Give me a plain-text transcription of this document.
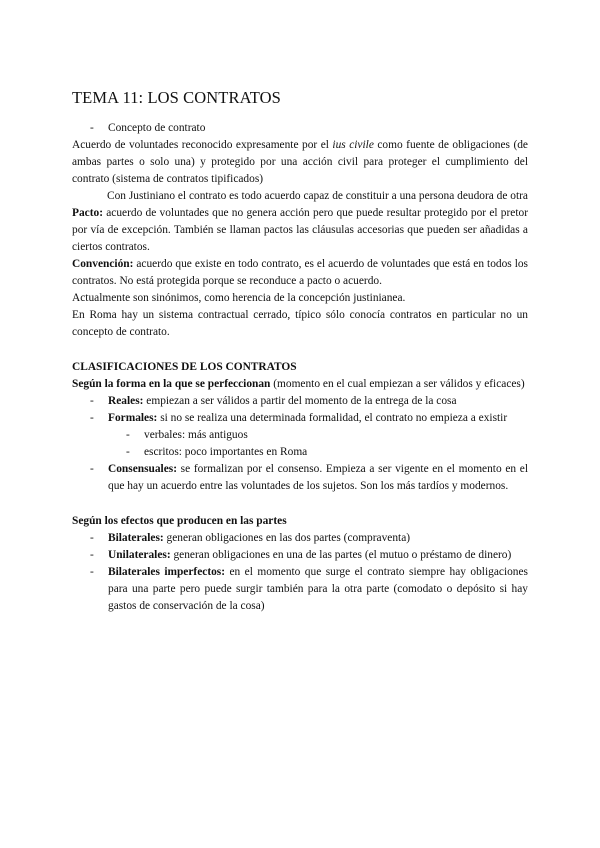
TEMA 11: LOS CONTRATOS
- Concepto de contrato

Acuerdo de voluntades reconocido expresamente por el ius civile como fuente de obligaciones (de ambas partes o solo una) y protegido por una acción civil para proteger el cumplimiento del contrato (sistema de contratos tipificados)

Con Justiniano el contrato es todo acuerdo capaz de constituir a una persona deudora de otra

Pacto: acuerdo de voluntades que no genera acción pero que puede resultar protegido por el pretor por vía de excepción. También se llaman pactos las cláusulas accesorias que pueden ser añadidas a ciertos contratos.

Convención: acuerdo que existe en todo contrato, es el acuerdo de voluntades que está en todos los contratos. No está protegida porque se reconduce a pacto o acuerdo.

Actualmente son sinónimos, como herencia de la concepción justinianea.

En Roma hay un sistema contractual cerrado, típico sólo conocía contratos en particular no un concepto de contrato.

CLASIFICACIONES DE LOS CONTRATOS

Según la forma en la que se perfeccionan (momento en el cual empiezan a ser válidos y eficaces)

- Reales: empiezan a ser válidos a partir del momento de la entrega de la cosa
- Formales: si no se realiza una determinada formalidad, el contrato no empieza a existir
- verbales: más antiguos
- escritos: poco importantes en Roma
- Consensuales: se formalizan por el consenso. Empieza a ser vigente en el momento en el que hay un acuerdo entre las voluntades de los sujetos. Son los más tardíos y modernos.

Según los efectos que producen en las partes

- Bilaterales: generan obligaciones en las dos partes (compraventa)
- Unilaterales: generan obligaciones en una de las partes (el mutuo o préstamo de dinero)
- Bilaterales imperfectos: en el momento que surge el contrato siempre hay obligaciones para una parte pero puede surgir también para la otra parte (comodato o depósito si hay gastos de conservación de la cosa)
